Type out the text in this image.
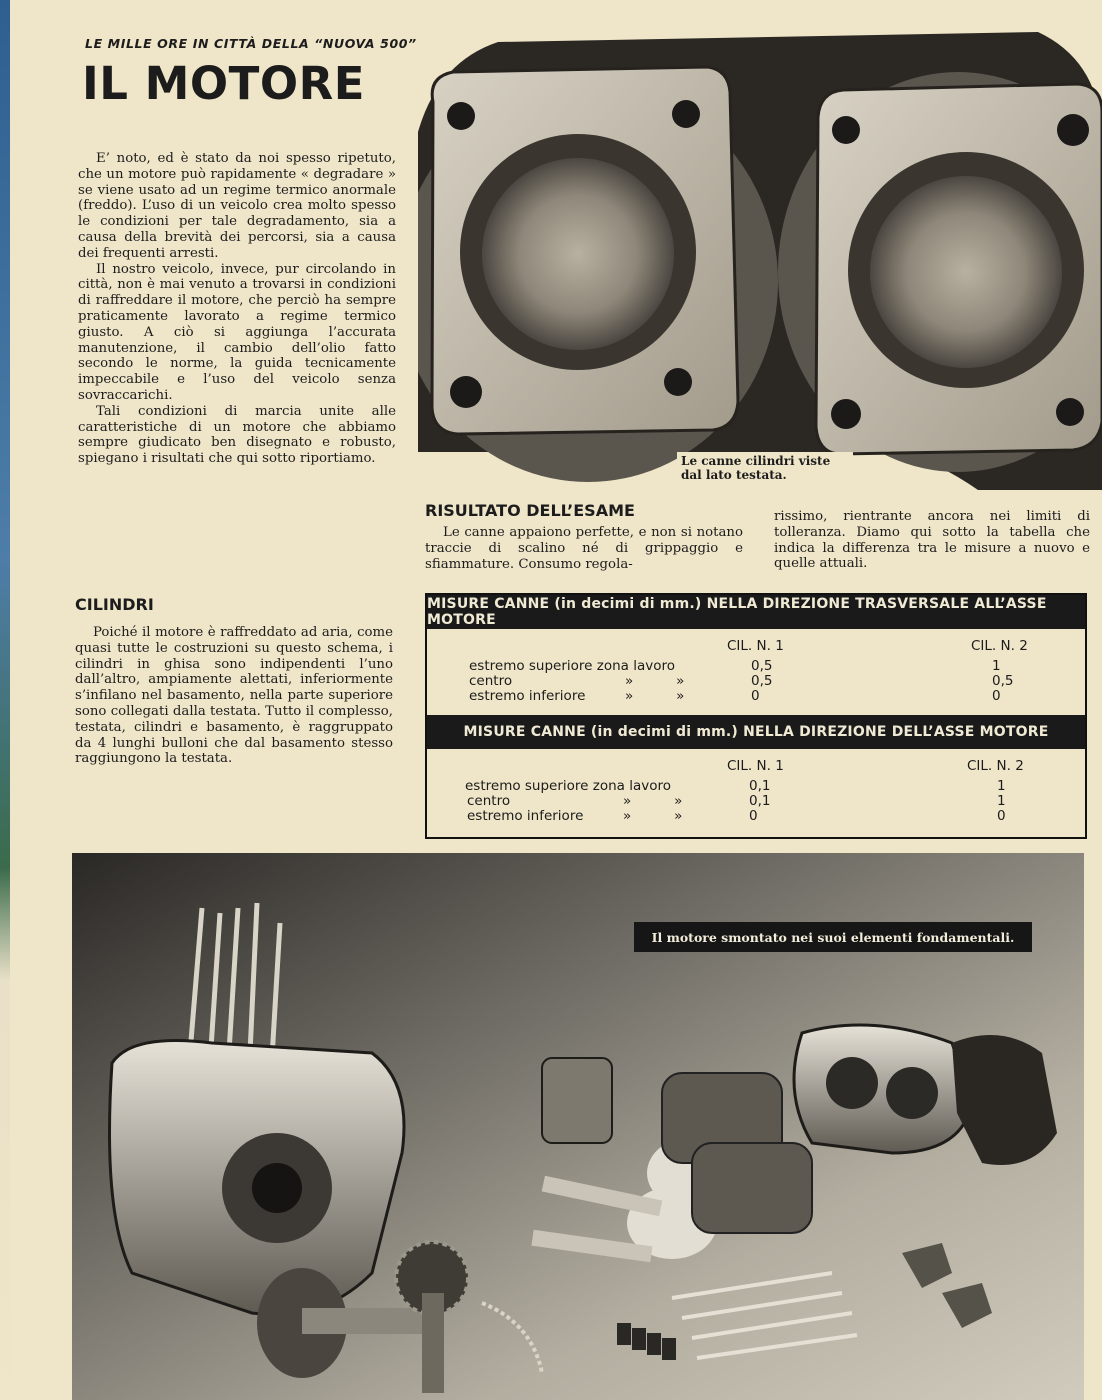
LE MILLE ORE IN CITTÀ DELLA “NUOVA 500”
IL MOTORE

E’ noto, ed è stato da noi spesso ripetuto, che un motore può rapidamente « degradare » se viene usato ad un regime termico anormale (freddo). L’uso di un veicolo crea molto spesso le condizioni per tale degradamento, sia a causa della brevità dei percorsi, sia a causa dei frequenti arresti.

Il nostro veicolo, invece, pur circolando in città, non è mai venuto a trovarsi in condizioni di raffreddare il motore, che perciò ha sempre praticamente lavorato a regime termico giusto. A ciò si aggiunga l’accurata manutenzione, il cambio dell’olio fatto secondo le norme, la guida tecnicamente impeccabile e l’uso del veicolo senza sovraccarichi.

Tali condizioni di marcia unite alle caratteristiche di un motore che abbiamo sempre giudicato ben disegnato e robusto, spiegano i risultati che qui sotto riportiamo.

CILINDRI

Poiché il motore è raffreddato ad aria, come quasi tutte le costruzioni su questo schema, i cilindri in ghisa sono indipendenti l’uno dall’altro, ampiamente alettati, inferiormente s’infilano nel basamento, nella parte superiore sono collegati dalla testata. Tutto il complesso, testata, cilindri e basamento, è raggruppato da 4 lunghi bulloni che dal basamento stesso raggiungono la testata.

Le canne cilindri viste dal lato testata.
RISULTATO DELL’ESAME

Le canne appaiono perfette, e non si notano traccie di scalino né di grippaggio e sfiammature. Consumo regola-

rissimo, rientrante ancora nei limiti di tolleranza. Diamo qui sotto la tabella che indica la differenza tra le misure a nuovo e quelle attuali.

MISURE CANNE (in decimi di mm.) NELLA DIREZIONE TRASVERSALE ALL’ASSE MOTORE
CIL. N. 1	CIL. N. 2
estremo superiore zona lavoro	0,5	1
centro	»          »	0,5	0,5
estremo inferiore	»          »	0	0
MISURE CANNE (in decimi di mm.) NELLA DIREZIONE DELL’ASSE MOTORE
CIL. N. 1	CIL. N. 2
estremo superiore zona lavoro	0,1	1
centro	»          »	0,1	1
estremo inferiore	»          »	0	0
Il motore smontato nei suoi elementi fondamentali.
